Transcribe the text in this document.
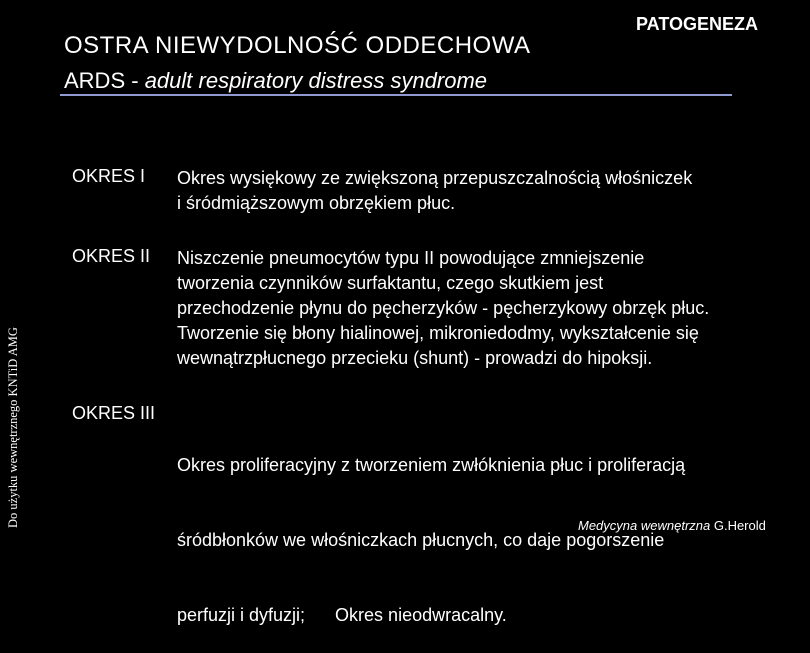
OSTRA NIEWYDOLNOŚĆ ODDECHOWA
PATOGENEZA
ARDS - adult respiratory distress syndrome
Do użytku wewnętrznego KNTiD AMG
OKRES I Okres wysiękowy ze zwiększoną przepuszczalnością włośniczek
i śródmiąższowym obrzękiem płuc.
OKRES II Niszczenie pneumocytów typu II powodujące zmniejszenie
tworzenia czynników surfaktantu, czego skutkiem jest
przechodzenie płynu do pęcherzyków - pęcherzykowy obrzęk płuc.
Tworzenie się błony hialinowej, mikroniedodmy, wykształcenie się
wewnątrzpłucnego przecieku (shunt) - prowadzi do hipoksji.
OKRES III

Okres proliferacyjny z tworzeniem zwłóknienia płuc i proliferacją

śródbłonków we włośniczkach płucnych, co daje pogorszenie

perfuzji i dyfuzji;      Okres nieodwracalny.

Medycyna wewnętrzna G.Herold
